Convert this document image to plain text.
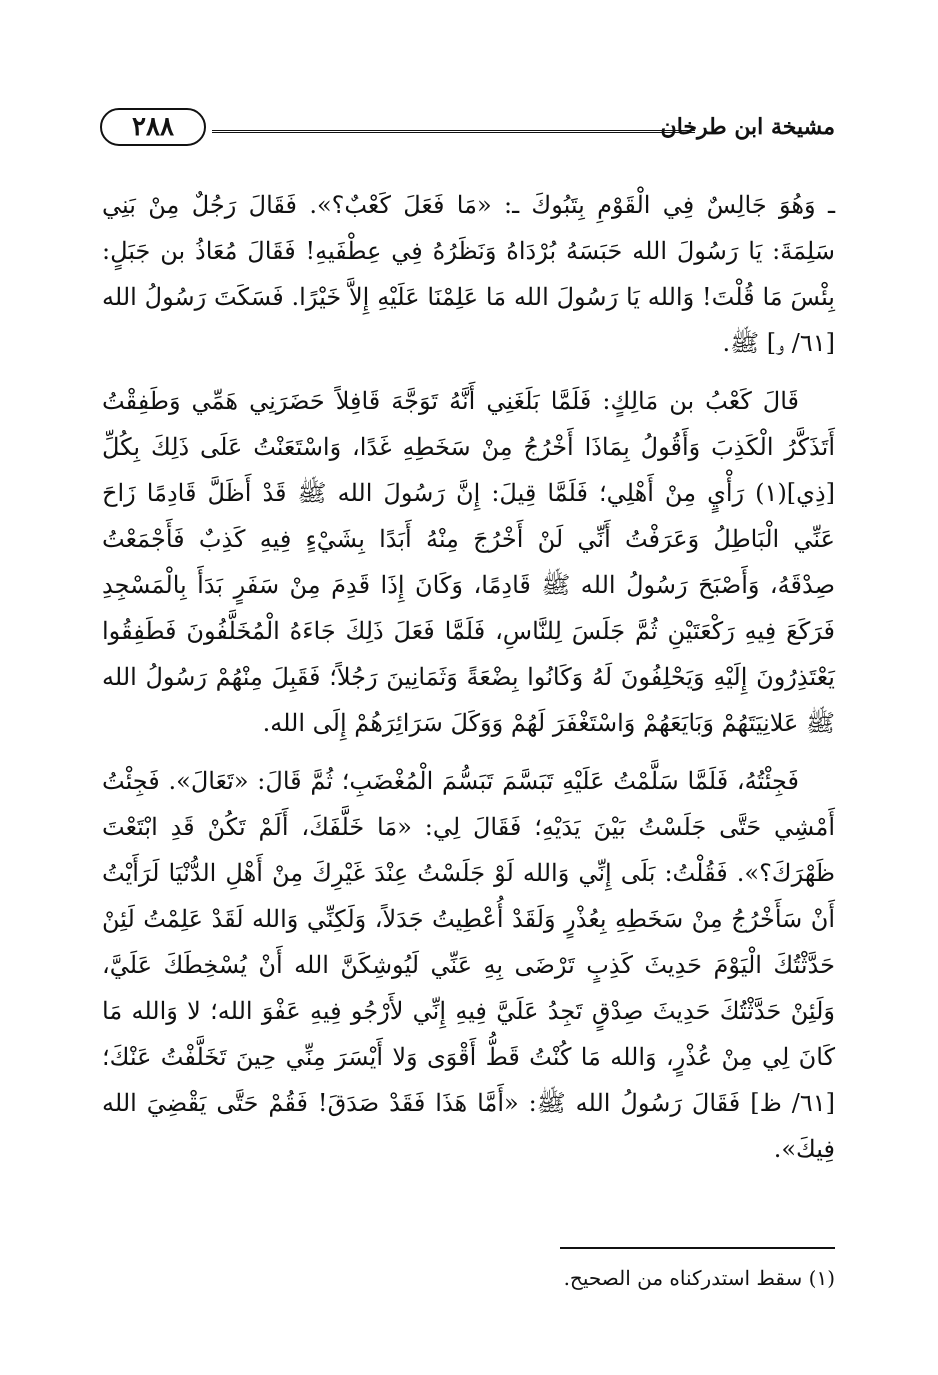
٢٨٨	مشيخة ابن طرخان

ـ وَهُوَ جَالِسٌ فِي الْقَوْمِ بِتَبُوكَ ـ: «مَا فَعَلَ كَعْبٌ؟». فَقَالَ رَجُلٌ مِنْ بَنِي سَلِمَةَ: يَا رَسُولَ الله حَبَسَهُ بُرْدَاهُ وَنَظَرُهُ فِي عِطْفَيهِ! فَقَالَ مُعَاذُ بن جَبَلٍ: بِئْسَ مَا قُلْتَ! وَالله يَا رَسُولَ الله مَا عَلِمْنَا عَلَيْهِ إِلاَّ خَيْرًا. فَسَكَتَ رَسُولُ الله [٦١/ و] ﷺ.

قَالَ كَعْبُ بن مَالِكٍ: فَلَمَّا بَلَغَنِي أَنَّهُ تَوَجَّهَ قَافِلاً حَضَرَنِي هَمِّي وَطَفِقْتُ أَتَذَكَّرُ الْكَذِبَ وَأَقُولُ بِمَاذَا أَخْرُجُ مِنْ سَخَطِهِ غَدًا، وَاسْتَعَنْتُ عَلَى ذَلِكَ بِكُلِّ [ذِي](١) رَأْيٍ مِنْ أَهْلِي؛ فَلَمَّا قِيلَ: إِنَّ رَسُولَ الله ﷺ قَدْ أَظَلَّ قَادِمًا زَاحَ عَنِّي الْبَاطِلُ وَعَرَفْتُ أَنِّي لَنْ أَخْرُجَ مِنْهُ أَبَدًا بِشَيْءٍ فِيهِ كَذِبٌ فَأَجْمَعْتُ صِدْقَهُ، وَأَصْبَحَ رَسُولُ الله ﷺ قَادِمًا، وَكَانَ إِذَا قَدِمَ مِنْ سَفَرٍ بَدَأَ بِالْمَسْجِدِ فَرَكَعَ فِيهِ رَكْعَتَيْنِ ثُمَّ جَلَسَ لِلنَّاسِ، فَلَمَّا فَعَلَ ذَلِكَ جَاءَهُ الْمُخَلَّفُونَ فَطَفِقُوا يَعْتَذِرُونَ إِلَيْهِ وَيَحْلِفُونَ لَهُ وَكَانُوا بِضْعَةً وَثَمَانِينَ رَجُلاً؛ فَقَبِلَ مِنْهُمْ رَسُولُ الله ﷺ عَلانِيَتَهُمْ وَبَايَعَهُمْ وَاسْتَغْفَرَ لَهُمْ وَوَكَلَ سَرَائِرَهُمْ إِلَى الله.

فَجِئْتُهُ، فَلَمَّا سَلَّمْتُ عَلَيْهِ تَبَسَّمَ تَبَسُّمَ الْمُغْضَبِ؛ ثُمَّ قَالَ: «تَعَالَ». فَجِئْتُ أَمْشِي حَتَّى جَلَسْتُ بَيْنَ يَدَيْهِ؛ فَقَالَ لِي: «مَا خَلَّفَكَ، أَلَمْ تَكُنْ قَدِ ابْتَعْتَ ظَهْرَكَ؟». فَقُلْتُ: بَلَى إِنِّي وَالله لَوْ جَلَسْتُ عِنْدَ غَيْرِكَ مِنْ أَهْلِ الدُّنْيَا لَرَأَيْتُ أَنْ سَأَخْرُجُ مِنْ سَخَطِهِ بِعُذْرٍ وَلَقَدْ أُعْطِيتُ جَدَلاً، وَلَكِنِّي وَالله لَقَدْ عَلِمْتُ لَئِنْ حَدَّثْتُكَ الْيَوْمَ حَدِيثَ كَذِبٍ تَرْضَى بِهِ عَنِّي لَيُوشِكَنَّ الله أَنْ يُسْخِطَكَ عَلَيَّ، وَلَئِنْ حَدَّثْتُكَ حَدِيثَ صِدْقٍ تَجِدُ عَلَيَّ فِيهِ إِنِّي لأَرْجُو فِيهِ عَفْوَ الله؛ لا وَالله مَا كَانَ لِي مِنْ عُذْرٍ، وَالله مَا كُنْتُ قَطُّ أَقْوَى وَلا أَيْسَرَ مِنِّي حِينَ تَخَلَّفْتُ عَنْكَ؛ [٦١/ ظ] فَقَالَ رَسُولُ الله ﷺ: «أَمَّا هَذَا فَقَدْ صَدَقَ! فَقُمْ حَتَّى يَقْضِيَ الله فِيكَ».

(١) سقط استدركناه من الصحيح.
